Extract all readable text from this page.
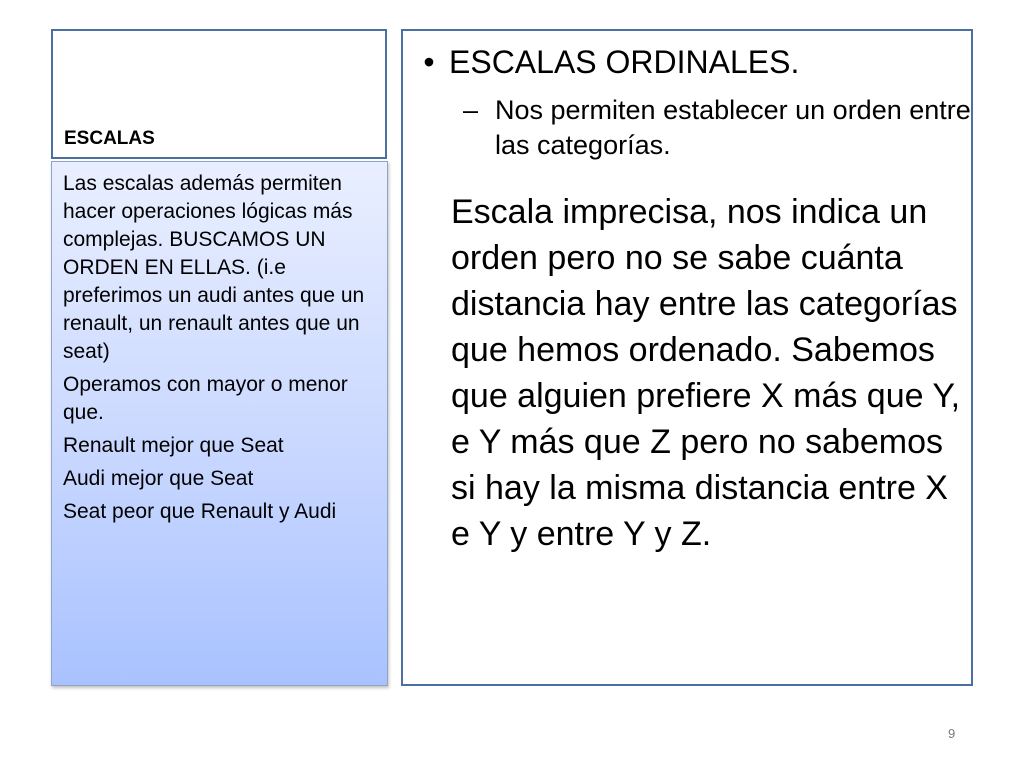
ESCALAS

Las escalas además permiten hacer operaciones lógicas más complejas. BUSCAMOS UN ORDEN EN ELLAS. (i.e preferimos un audi antes que un renault, un renault antes que un seat)

Operamos con mayor o menor que.

Renault mejor que Seat

Audi mejor que Seat

Seat peor que Renault y Audi

• ESCALAS ORDINALES.

– Nos permiten establecer un orden entre las categorías.

Escala imprecisa, nos indica un orden pero no se sabe cuánta distancia hay entre las categorías que hemos ordenado. Sabemos que alguien prefiere X más que Y, e Y más que Z pero no sabemos si hay la misma distancia entre X e Y y entre Y y Z.

9
